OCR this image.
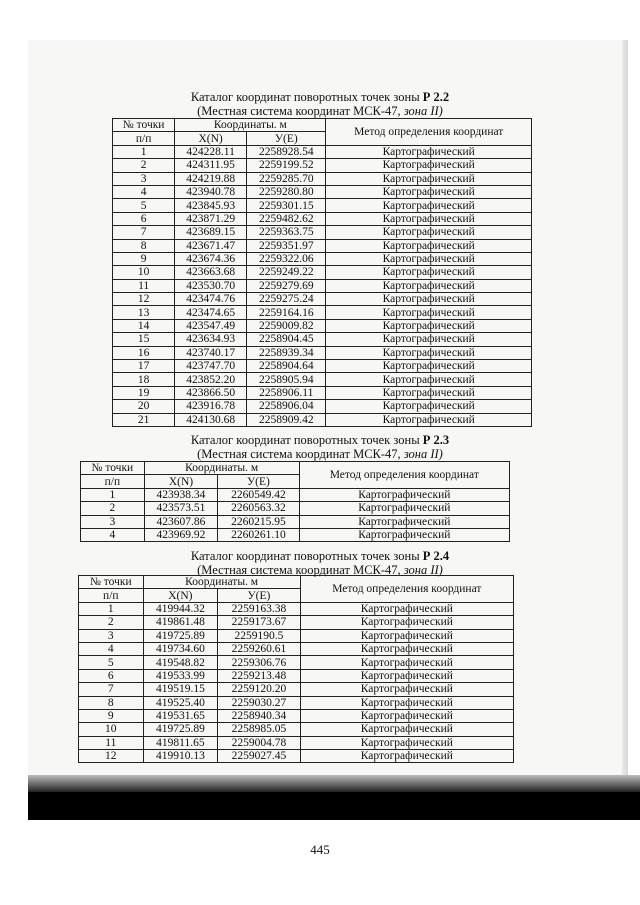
Каталог координат поворотных точек зоны Р 2.2
(Местная система координат МСК-47, зона II)
№ точки	Координаты. м		Метод определения координат
п/п	X(N)	У(Е)	
1	424228.11	2258928.54	Картографический
2	424311.95	2259199.52	Картографический
3	424219.88	2259285.70	Картографический
4	423940.78	2259280.80	Картографический
5	423845.93	2259301.15	Картографический
6	423871.29	2259482.62	Картографический
7	423689.15	2259363.75	Картографический
8	423671.47	2259351.97	Картографический
9	423674.36	2259322.06	Картографический
10	423663.68	2259249.22	Картографический
11	423530.70	2259279.69	Картографический
12	423474.76	2259275.24	Картографический
13	423474.65	2259164.16	Картографический
14	423547.49	2259009.82	Картографический
15	423634.93	2258904.45	Картографический
16	423740.17	2258939.34	Картографический
17	423747.70	2258904.64	Картографический
18	423852.20	2258905.94	Картографический
19	423866.50	2258906.11	Картографический
20	423916.78	2258906.04	Картографический
21	424130.68	2258909.42	Картографический
Каталог координат поворотных точек зоны Р 2.3
(Местная система координат МСК-47, зона II)
№ точки	Координаты. м		Метод определения координат
п/п	X(N)	У(Е)	
1	423938.34	2260549.42	Картографический
2	423573.51	2260563.32	Картографический
3	423607.86	2260215.95	Картографический
4	423969.92	2260261.10	Картографический
Каталог координат поворотных точек зоны Р 2.4
(Местная система координат МСК-47, зона II)
№ точки	Координаты. м		Метод определения координат
п/п	X(N)	У(Е)	
1	419944.32	2259163.38	Картографический
2	419861.48	2259173.67	Картографический
3	419725.89	2259190.5	Картографический
4	419734.60	2259260.61	Картографический
5	419548.82	2259306.76	Картографический
6	419533.99	2259213.48	Картографический
7	419519.15	2259120.20	Картографический
8	419525.40	2259030.27	Картографический
9	419531.65	2258940.34	Картографический
10	419725.89	2258985.05	Картографический
11	419811.65	2259004.78	Картографический
12	419910.13	2259027.45	Картографический
445
